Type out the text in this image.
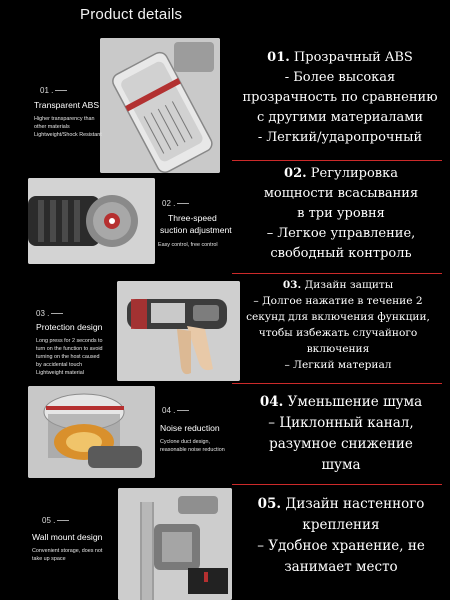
Product details
01 .
Transparent ABS
Higher transparency than
other materials
Lightweight/Shock Resistant
01. Прозрачный ABS
- Более высокая
прозрачность по сравнению
с другими материалами
- Легкий/ударопрочный
02 .
Three-speed
suction adjustment
Easy control, free control
02. Регулировка
мощности всасывания
в три уровня
– Легкое управление,
свободный контроль
03 .
Protection design
Long press for 2 seconds to
turn on the function to avoid
turning on the host caused
by accidental touch
Lightweight material
03. Дизайн защиты
– Долгое нажатие в течение 2
секунд для включения функции,
чтобы избежать случайного
включения
– Легкий материал
04 .
Noise reduction
Cyclone duct design,
reasonable noise reduction
04. Уменьшение шума
– Циклонный канал,
разумное снижение
шума
05 .
Wall mount design
Convenient storage, does not
take up space
05. Дизайн настенного
крепления
– Удобное хранение, не
занимает место
